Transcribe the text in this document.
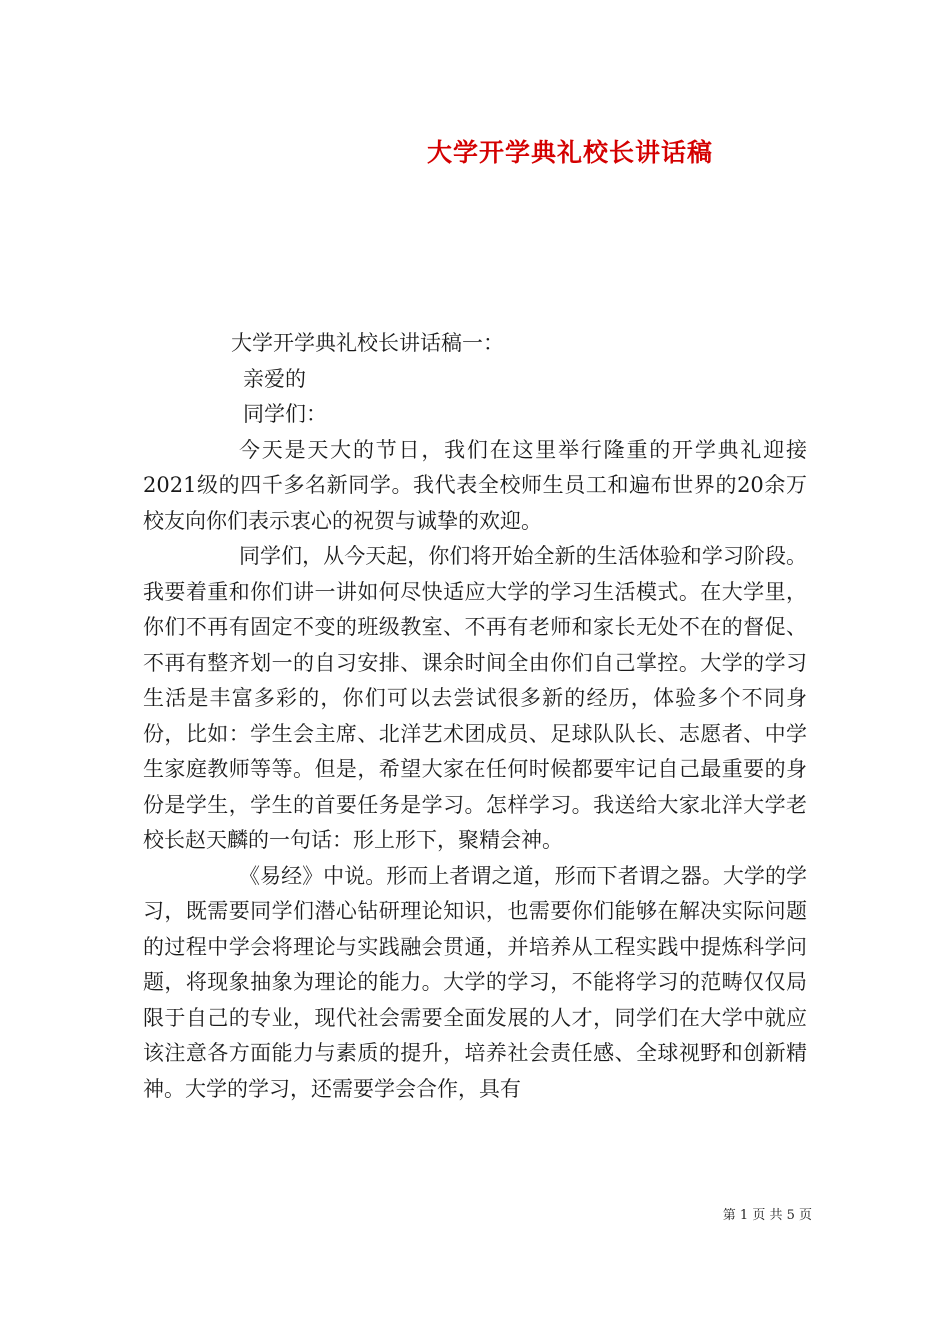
大学开学典礼校长讲话稿
大学开学典礼校长讲话稿一：
亲爱的
同学们：

今天是天大的节日，我们在这里举行隆重的开学典礼迎接2021级的四千多名新同学。我代表全校师生员工和遍布世界的20余万校友向你们表示衷心的祝贺与诚挚的欢迎。

同学们，从今天起，你们将开始全新的生活体验和学习阶段。我要着重和你们讲一讲如何尽快适应大学的学习生活模式。在大学里，你们不再有固定不变的班级教室、不再有老师和家长无处不在的督促、不再有整齐划一的自习安排、课余时间全由你们自己掌控。大学的学习生活是丰富多彩的，你们可以去尝试很多新的经历，体验多个不同身份，比如：学生会主席、北洋艺术团成员、足球队队长、志愿者、中学生家庭教师等等。但是，希望大家在任何时候都要牢记自己最重要的身份是学生，学生的首要任务是学习。怎样学习。我送给大家北洋大学老校长赵天麟的一句话：形上形下，聚精会神。

《易经》中说。形而上者谓之道，形而下者谓之器。大学的学习，既需要同学们潜心钻研理论知识，也需要你们能够在解决实际问题的过程中学会将理论与实践融会贯通，并培养从工程实践中提炼科学问题，将现象抽象为理论的能力。大学的学习，不能将学习的范畴仅仅局限于自己的专业，现代社会需要全面发展的人才，同学们在大学中就应该注意各方面能力与素质的提升，培养社会责任感、全球视野和创新精神。大学的学习，还需要学会合作，具有

第 1 页 共 5 页
